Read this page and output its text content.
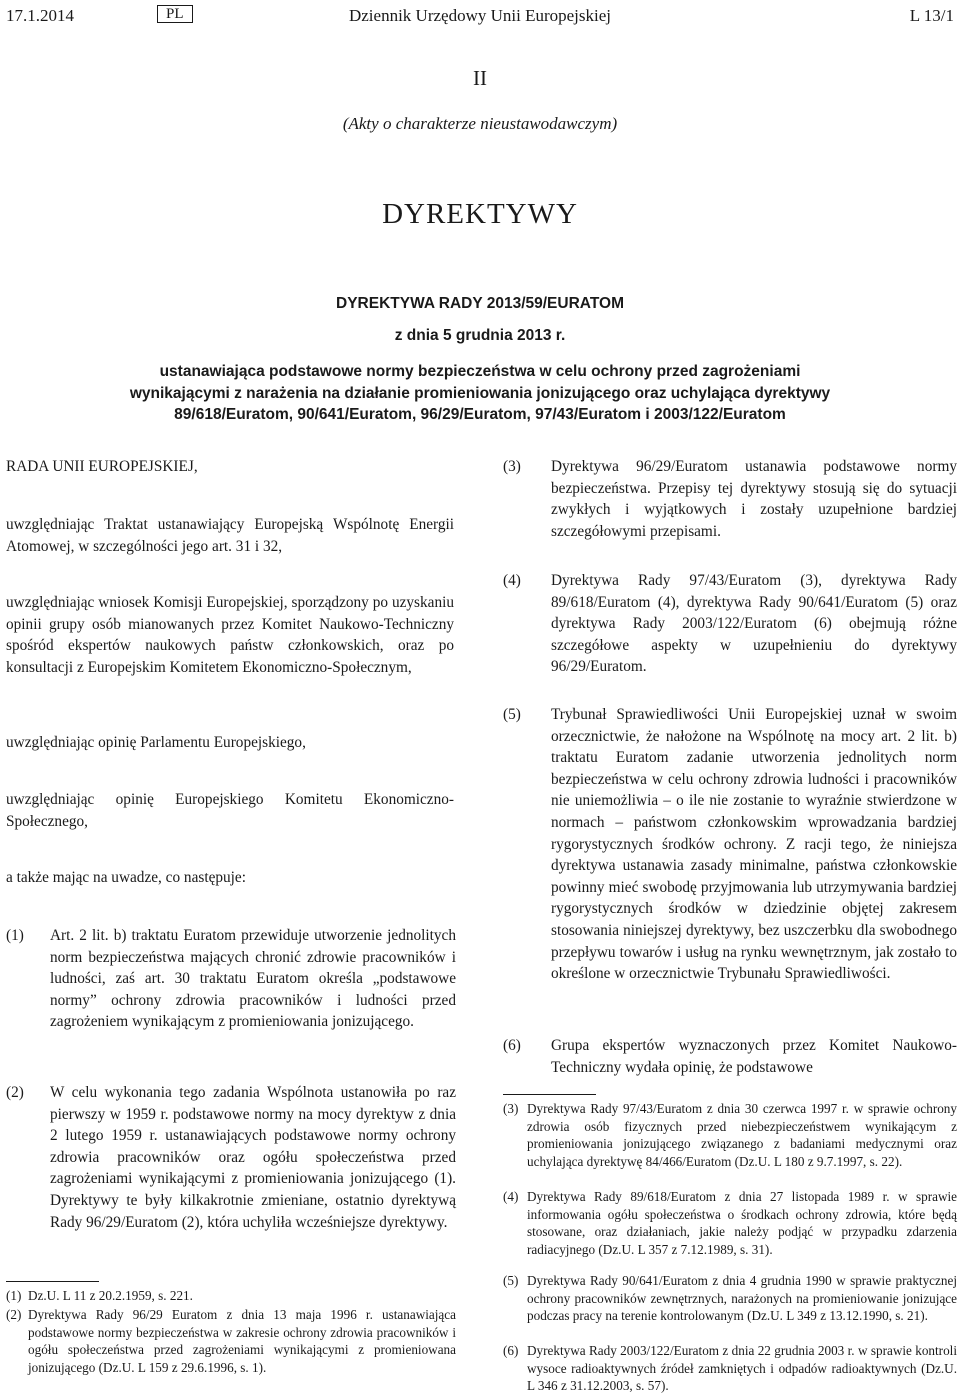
17.1.2014	PL	Dziennik Urzędowy Unii Europejskiej	L 13/1
II
(Akty o charakterze nieustawodawczym)
DYREKTYWY
DYREKTYWA RADY 2013/59/EURATOM
z dnia 5 grudnia 2013 r.
ustanawiająca podstawowe normy bezpieczeństwa w celu ochrony przed zagrożeniami
wynikającymi z narażenia na działanie promieniowania jonizującego oraz uchylająca dyrektywy
89/618/Euratom, 90/641/Euratom, 96/29/Euratom, 97/43/Euratom i 2003/122/Euratom
RADA UNII EUROPEJSKIEJ,
uwzględniając Traktat ustanawiający Europejską Wspólnotę Energii Atomowej, w szczególności jego art. 31 i 32,
uwzględniając wniosek Komisji Europejskiej, sporządzony po uzyskaniu opinii grupy osób mianowanych przez Komitet Naukowo-Techniczny spośród ekspertów naukowych państw członkowskich, oraz po konsultacji z Europejskim Komitetem Ekonomiczno-Społecznym,
uwzględniając opinię Parlamentu Europejskiego,
uwzględniając opinię Europejskiego Komitetu Ekonomiczno-Społecznego,
a także mając na uwadze, co następuje:
(1) Art. 2 lit. b) traktatu Euratom przewiduje utworzenie jednolitych norm bezpieczeństwa mających chronić zdrowie pracowników i ludności, zaś art. 30 traktatu Euratom określa „podstawowe normy” ochrony zdrowia pracowników i ludności przed zagrożeniem wynikającym z promieniowania jonizującego.
(2) W celu wykonania tego zadania Wspólnota ustanowiła po raz pierwszy w 1959 r. podstawowe normy na mocy dyrektyw z dnia 2 lutego 1959 r. ustanawiających podstawowe normy ochrony zdrowia pracowników oraz ogółu społeczeństwa przed zagrożeniami wynikającymi z promieniowania jonizującego (1). Dyrektywy te były kilkakrotnie zmieniane, ostatnio dyrektywą Rady 96/29/Euratom (2), która uchyliła wcześniejsze dyrektywy.
(1) Dz.U. L 11 z 20.2.1959, s. 221.
(2) Dyrektywa Rady 96/29 Euratom z dnia 13 maja 1996 r. ustanawiająca podstawowe normy bezpieczeństwa w zakresie ochrony zdrowia pracowników i ogółu społeczeństwa przed zagrożeniami wynikającymi z promieniowana jonizującego (Dz.U. L 159 z 29.6.1996, s. 1).
(3) Dyrektywa 96/29/Euratom ustanawia podstawowe normy bezpieczeństwa. Przepisy tej dyrektywy stosują się do sytuacji zwykłych i wyjątkowych i zostały uzupełnione bardziej szczegółowymi przepisami.
(4) Dyrektywa Rady 97/43/Euratom (3), dyrektywa Rady 89/618/Euratom (4), dyrektywa Rady 90/641/Euratom (5) oraz dyrektywa Rady 2003/122/Euratom (6) obejmują różne szczegółowe aspekty w uzupełnieniu do dyrektywy 96/29/Euratom.
(5) Trybunał Sprawiedliwości Unii Europejskiej uznał w swoim orzecznictwie, że nałożone na Wspólnotę na mocy art. 2 lit. b) traktatu Euratom zadanie utworzenia jednolitych norm bezpieczeństwa w celu ochrony zdrowia ludności i pracowników nie uniemożliwia – o ile nie zostanie to wyraźnie stwierdzone w normach – państwom członkowskim wprowadzania bardziej rygorystycznych środków ochrony. Z racji tego, że niniejsza dyrektywa ustanawia zasady minimalne, państwa członkowskie powinny mieć swobodę przyjmowania lub utrzymywania bardziej rygorystycznych środków w dziedzinie objętej zakresem stosowania niniejszej dyrektywy, bez uszczerbku dla swobodnego przepływu towarów i usług na rynku wewnętrznym, jak zostało to określone w orzecznictwie Trybunału Sprawiedliwości.
(6) Grupa ekspertów wyznaczonych przez Komitet Naukowo-Techniczny wydała opinię, że podstawowe
(3) Dyrektywa Rady 97/43/Euratom z dnia 30 czerwca 1997 r. w sprawie ochrony zdrowia osób fizycznych przed niebezpieczeństwem wynikającym z promieniowania jonizującego związanego z badaniami medycznymi oraz uchylająca dyrektywę 84/466/Euratom (Dz.U. L 180 z 9.7.1997, s. 22).
(4) Dyrektywa Rady 89/618/Euratom z dnia 27 listopada 1989 r. w sprawie informowania ogółu społeczeństwa o środkach ochrony zdrowia, które będą stosowane, oraz działaniach, jakie należy podjąć w przypadku zdarzenia radiacyjnego (Dz.U. L 357 z 7.12.1989, s. 31).
(5) Dyrektywa Rady 90/641/Euratom z dnia 4 grudnia 1990 w sprawie praktycznej ochrony pracowników zewnętrznych, narażonych na promieniowanie jonizujące podczas pracy na terenie kontrolowanym (Dz.U. L 349 z 13.12.1990, s. 21).
(6) Dyrektywa Rady 2003/122/Euratom z dnia 22 grudnia 2003 r. w sprawie kontroli wysoce radioaktywnych źródeł zamkniętych i odpadów radioaktywnych (Dz.U. L 346 z 31.12.2003, s. 57).
